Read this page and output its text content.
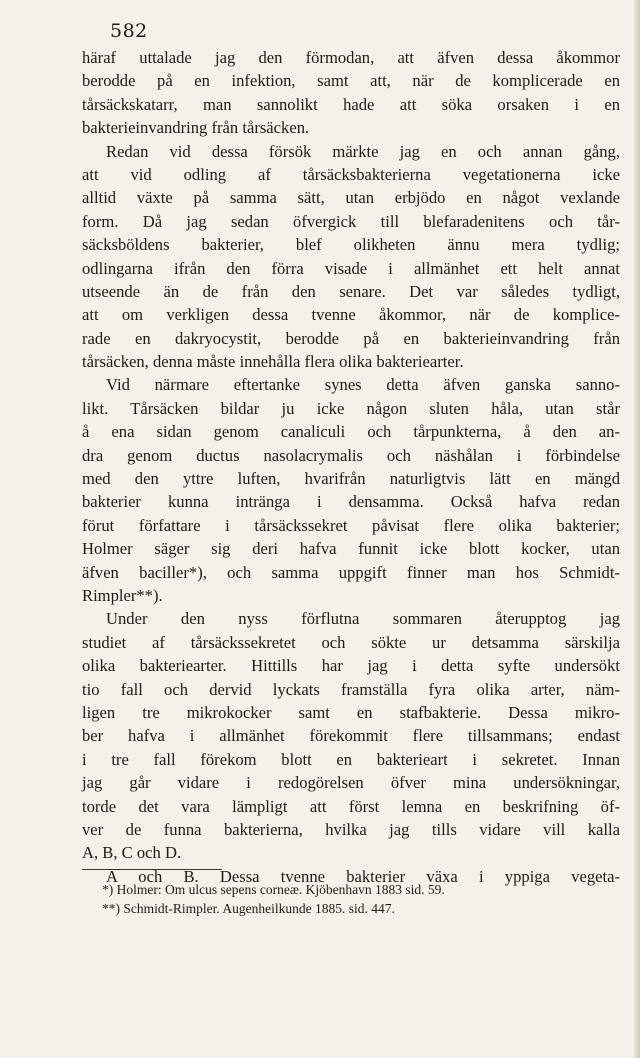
582
häraf uttalade jag den förmodan, att äfven dessa åkommor
berodde på en infektion, samt att, när de komplicerade en
tårsäckskatarr, man sannolikt hade att söka orsaken i en
bakterieinvandring från tårsäcken.
Redan vid dessa försök märkte jag en och annan gång,
att vid odling af tårsäcksbakterierna vegetationerna icke
alltid växte på samma sätt, utan erbjödo en något vexlande
form. Då jag sedan öfvergick till blefaradenitens och tår-
säcksböldens bakterier, blef olikheten ännu mera tydlig;
odlingarna ifrån den förra visade i allmänhet ett helt annat
utseende än de från den senare. Det var således tydligt,
att om verkligen dessa tvenne åkommor, när de komplice-
rade en dakryocystit, berodde på en bakterieinvandring från
tårsäcken, denna måste innehålla flera olika bakteriearter.
Vid närmare eftertanke synes detta äfven ganska sanno-
likt. Tårsäcken bildar ju icke någon sluten håla, utan står
å ena sidan genom canaliculi och tårpunkterna, å den an-
dra genom ductus nasolacrymalis och näshålan i förbindelse
med den yttre luften, hvarifrån naturligtvis lätt en mängd
bakterier kunna intränga i densamma. Också hafva redan
förut författare i tårsäckssekret påvisat flere olika bakterier;
Holmer säger sig deri hafva funnit icke blott kocker, utan
äfven baciller*), och samma uppgift finner man hos Schmidt-
Rimpler**).
Under den nyss förflutna sommaren återupptog jag
studiet af tårsäckssekretet och sökte ur detsamma särskilja
olika bakteriearter. Hittills har jag i detta syfte undersökt
tio fall och dervid lyckats framställa fyra olika arter, näm-
ligen tre mikrokocker samt en stafbakterie. Dessa mikro-
ber hafva i allmänhet förekommit flere tillsammans; endast
i tre fall förekom blott en bakterieart i sekretet. Innan
jag går vidare i redogörelsen öfver mina undersökningar,
torde det vara lämpligt att först lemna en beskrifning öf-
ver de funna bakterierna, hvilka jag tills vidare vill kalla
A, B, C och D.
A och B. Dessa tvenne bakterier växa i yppiga vegeta-
*) Holmer: Om ulcus sepens corneæ. Kjöbenhavn 1883 sid. 59.
**) Schmidt-Rimpler. Augenheilkunde 1885. sid. 447.
